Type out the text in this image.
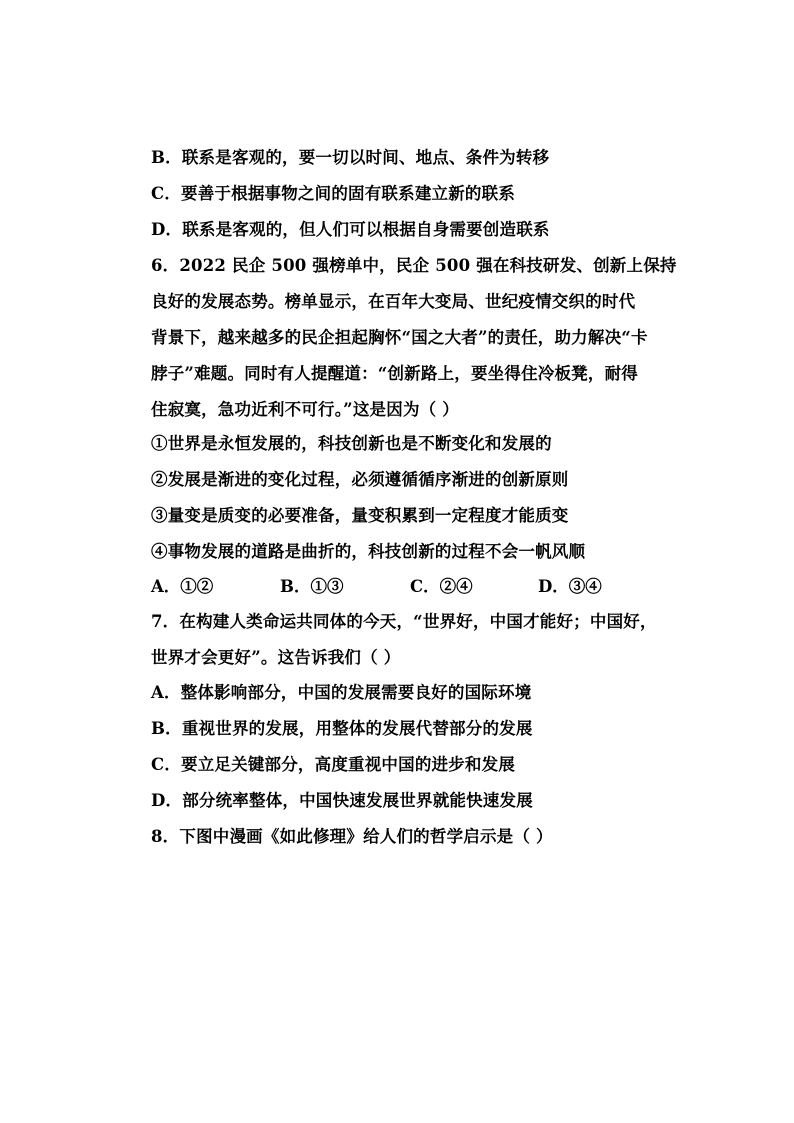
B．联系是客观的，要一切以时间、地点、条件为转移
C．要善于根据事物之间的固有联系建立新的联系
D．联系是客观的，但人们可以根据自身需要创造联系
6．2022 民企 500 强榜单中，民企 500 强在科技研发、创新上保持
良好的发展态势。榜单显示，在百年大变局、世纪疫情交织的时代
背景下，越来越多的民企担起胸怀“国之大者”的责任，助力解决“卡
脖子”难题。同时有人提醒道：“创新路上，要坐得住冷板凳，耐得
住寂寞，急功近利不可行。”这是因为（ ）
①世界是永恒发展的，科技创新也是不断变化和发展的
②发展是渐进的变化过程，必须遵循循序渐进的创新原则
③量变是质变的必要准备，量变积累到一定程度才能质变
④事物发展的道路是曲折的，科技创新的过程不会一帆风顺
A．①②	B．①③	C．②④	D．③④
7．在构建人类命运共同体的今天，“世界好，中国才能好；中国好，
世界才会更好”。这告诉我们（ ）
A．整体影响部分，中国的发展需要良好的国际环境
B．重视世界的发展，用整体的发展代替部分的发展
C．要立足关键部分，高度重视中国的进步和发展
D．部分统率整体，中国快速发展世界就能快速发展
8．下图中漫画《如此修理》给人们的哲学启示是（ ）
